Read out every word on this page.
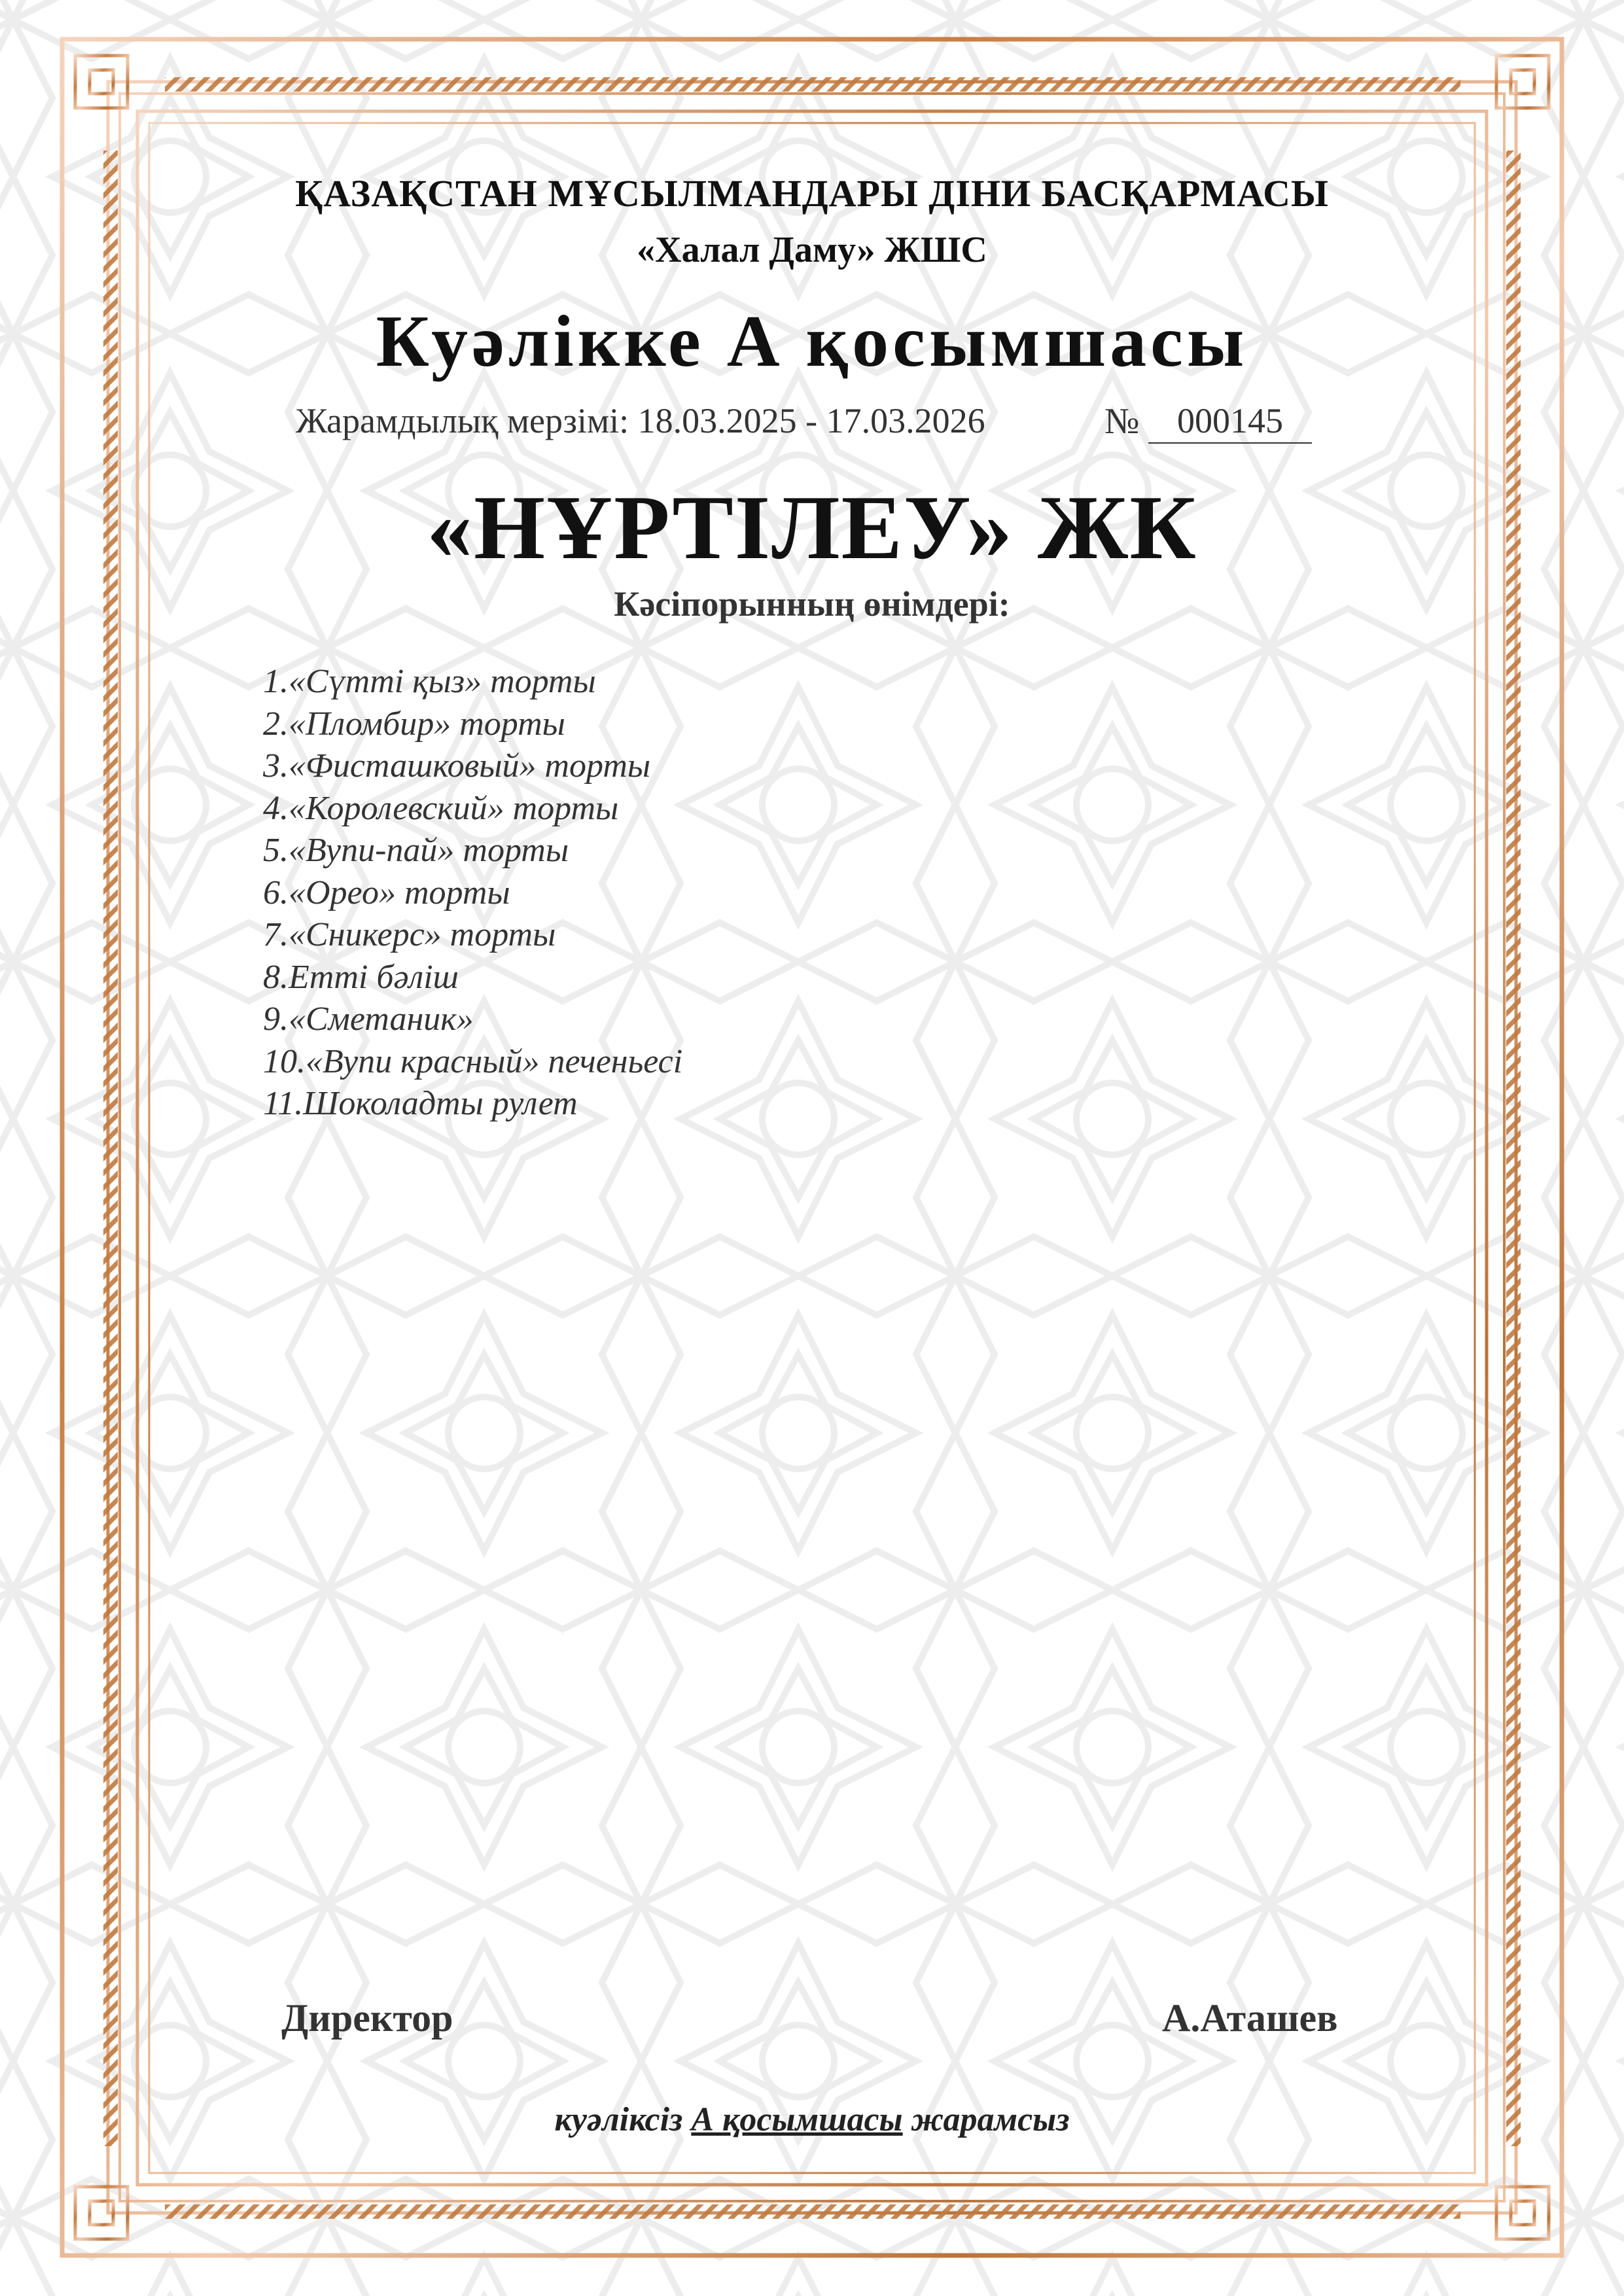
ҚАЗАҚСТАН МҰСЫЛМАНДАРЫ ДІНИ БАСҚАРМАСЫ
«Халал Даму» ЖШС
Куәлікке А қосымшасы
Жарамдылық мерзімі: 18.03.2025 - 17.03.2026	№	000145
«НҰРТІЛЕУ» ЖК
Кәсіпорынның өнімдері:
1.«Сүтті қыз» торты
2.«Пломбир» торты
3.«Фисташковый» торты
4.«Королевский» торты
5.«Вупи-пай» торты
6.«Орео» торты
7.«Сникерс» торты
8.Етті бәліш
9.«Сметаник»
10.«Вупи красный» печеньесі
11.Шоколадты рулет
Директор	А.Аташев
куәліксіз А қосымшасы жарамсыз
